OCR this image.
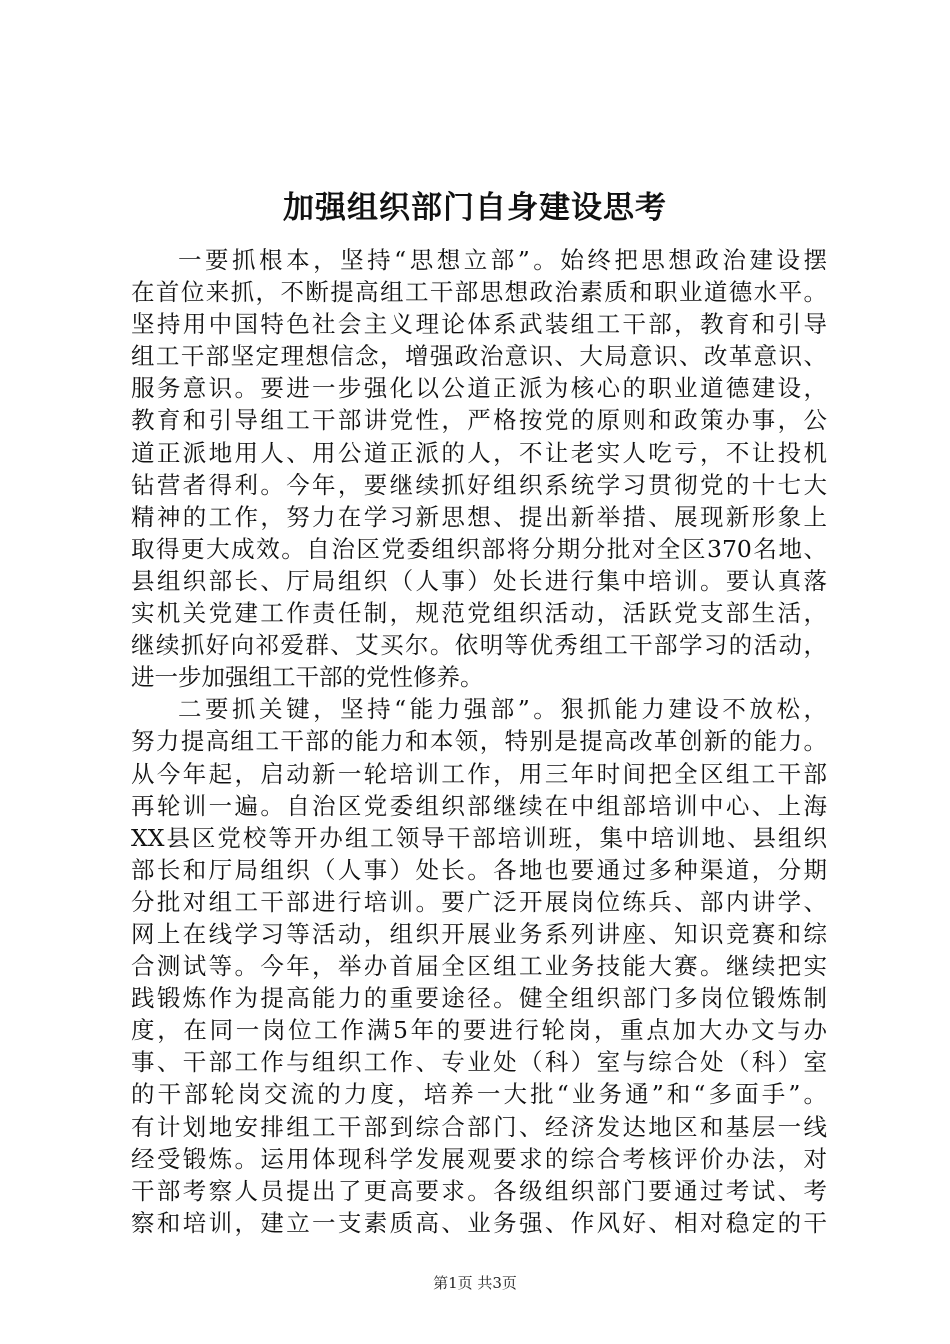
加强组织部门自身建设思考
一要抓根本，坚持“思想立部”。始终把思想政治建设摆
在首位来抓，不断提高组工干部思想政治素质和职业道德水平。
坚持用中国特色社会主义理论体系武装组工干部，教育和引导
组工干部坚定理想信念，增强政治意识、大局意识、改革意识、
服务意识。要进一步强化以公道正派为核心的职业道德建设，
教育和引导组工干部讲党性，严格按党的原则和政策办事，公
道正派地用人、用公道正派的人，不让老实人吃亏，不让投机
钻营者得利。今年，要继续抓好组织系统学习贯彻党的十七大
精神的工作，努力在学习新思想、提出新举措、展现新形象上
取得更大成效。自治区党委组织部将分期分批对全区370名地、
县组织部长、厅局组织（人事）处长进行集中培训。要认真落
实机关党建工作责任制，规范党组织活动，活跃党支部生活，
继续抓好向祁爱群、艾买尔。依明等优秀组工干部学习的活动，
进一步加强组工干部的党性修养。
二要抓关键，坚持“能力强部”。狠抓能力建设不放松，
努力提高组工干部的能力和本领，特别是提高改革创新的能力。
从今年起，启动新一轮培训工作，用三年时间把全区组工干部
再轮训一遍。自治区党委组织部继续在中组部培训中心、上海
XX县区党校等开办组工领导干部培训班，集中培训地、县组织
部长和厅局组织（人事）处长。各地也要通过多种渠道，分期
分批对组工干部进行培训。要广泛开展岗位练兵、部内讲学、
网上在线学习等活动，组织开展业务系列讲座、知识竞赛和综
合测试等。今年，举办首届全区组工业务技能大赛。继续把实
践锻炼作为提高能力的重要途径。健全组织部门多岗位锻炼制
度，在同一岗位工作满5年的要进行轮岗，重点加大办文与办
事、干部工作与组织工作、专业处（科）室与综合处（科）室
的干部轮岗交流的力度，培养一大批“业务通”和“多面手”。
有计划地安排组工干部到综合部门、经济发达地区和基层一线
经受锻炼。运用体现科学发展观要求的综合考核评价办法，对
干部考察人员提出了更高要求。各级组织部门要通过考试、考
察和培训，建立一支素质高、业务强、作风好、相对稳定的干
第1页 共3页
